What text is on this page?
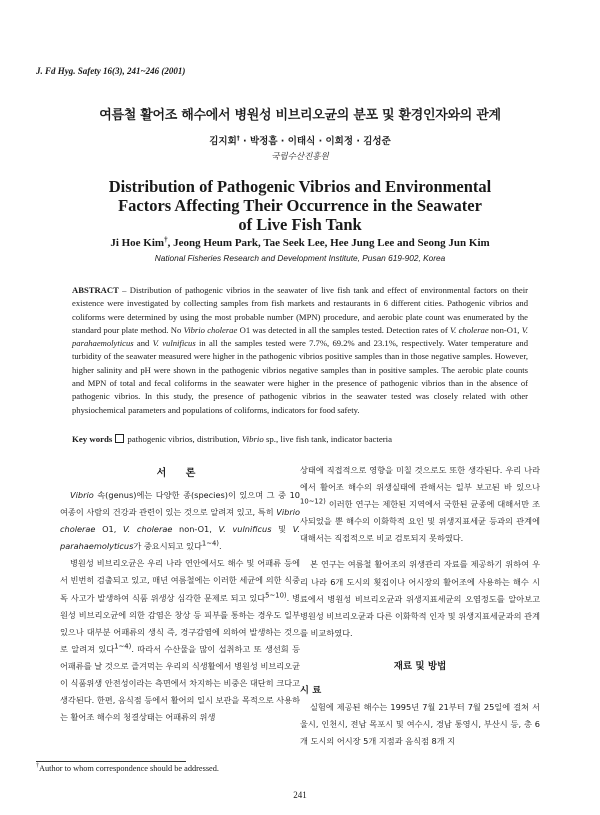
J. Fd Hyg. Safety 16(3), 241~246 (2001)
여름철 활어조 해수에서 병원성 비브리오균의 분포 및 환경인자와의 관계
김지회† · 박정흠 · 이태식 · 이희정 · 김성준
국립수산진흥원
Distribution of Pathogenic Vibrios and Environmental
Factors Affecting Their Occurrence in the Seawater
of Live Fish Tank
Ji Hoe Kim†, Jeong Heum Park, Tae Seek Lee, Hee Jung Lee and Seong Jun Kim
National Fisheries Research and Development Institute, Pusan 619-902, Korea
ABSTRACT – Distribution of pathogenic vibrios in the seawater of live fish tank and effect of environmental factors on their existence were investigated by collecting samples from fish markets and restaurants in 6 different cities. Pathogenic vibrios and coliforms were determined by using the most probable number (MPN) procedure, and aerobic plate count was enumerated by the standard pour plate method. No Vibrio cholerae O1 was detected in all the samples tested. Detection rates of V. cholerae non-O1, V. parahaemolyticus and V. vulnificus in all the samples tested were 7.7%, 69.2% and 23.1%, respectively. Water temperature and turbidity of the seawater measured were higher in the pathogenic vibrios positive samples than in those negative samples. However, higher salinity and pH were shown in the pathogenic vibrios negative samples than in positive samples. The aerobic plate counts and MPN of total and fecal coliforms in the seawater were higher in the presence of pathogenic vibrios than in the absence of pathogenic vibrios. In this study, the presence of pathogenic vibrios in the seawater tested was closely related with other physiochemical parameters and populations of coliforms, indicators for food safety.
Key words pathogenic vibrios, distribution, Vibrio sp., live fish tank, indicator bacteria
서 론

Vibrio 속(genus)에는 다양한 종(species)이 있으며 그 중 10여종이 사람의 건강과 관련이 있는 것으로 알려져 있고, 특히 Vibrio cholerae O1, V. cholerae non-O1, V. vulnificus 및 V. parahaemolyticus가 중요시되고 있다$^{1\sim 4)}$.

병원성 비브리오균은 우리 나라 연안에서도 해수 및 어패류 등에서 빈번히 검출되고 있고, 매년 여름철에는 이러한 세균에 의한 식중독 사고가 발생하여 식품 위생상 심각한 문제로 되고 있다$^{5\sim 10)}$. 병원성 비브리오균에 의한 감염은 창상 등 피부를 통하는 경우도 일부 있으나 대부분 어패류의 생식 즉, 경구감염에 의하여 발생하는 것으로 알려져 있다$^{1\sim 4)}$. 따라서 수산물을 많이 섭취하고 또 생선회 등 어패류를 날 것으로 즐겨먹는 우리의 식생활에서 병원성 비브리오균이 식품위생 안전성이라는 측면에서 차지하는 비중은 대단히 크다고 생각된다. 한편, 음식점 등에서 활어의 일시 보관을 목적으로 사용하는 활어조 해수의 청결상태는 어패류의 위생

상태에 직접적으로 영향을 미칠 것으로도 또한 생각된다. 우리 나라에서 활어조 해수의 위생실태에 관해서는 일부 보고된 바 있으나$^{10\sim 12)}$ 이러한 연구는 제한된 지역에서 국한된 균종에 대해서만 조사되었을 뿐 해수의 이화학적 요인 및 위생지표세균 등과의 관계에 대해서는 직접적으로 비교 검토되지 못하였다.

본 연구는 여름철 활어조의 위생관리 자료를 제공하기 위하여 우리 나라 6개 도시의 횟집이나 어시장의 활어조에 사용하는 해수 시료에서 병원성 비브리오균과 위생지표세균의 오염정도를 알아보고 병원성 비브리오균과 다른 이화학적 인자 및 위생지표세균과의 관계를 비교하였다.

재료 및 방법
시 료

실험에 제공된 해수는 1995년 7월 21부터 7월 25일에 걸쳐 서울시, 인천시, 전남 목포시 및 여수시, 경남 통영시, 부산시 등, 총 6개 도시의 어시장 5개 지점과 음식점 8개 지

†Author to whom correspondence should be addressed.
241
